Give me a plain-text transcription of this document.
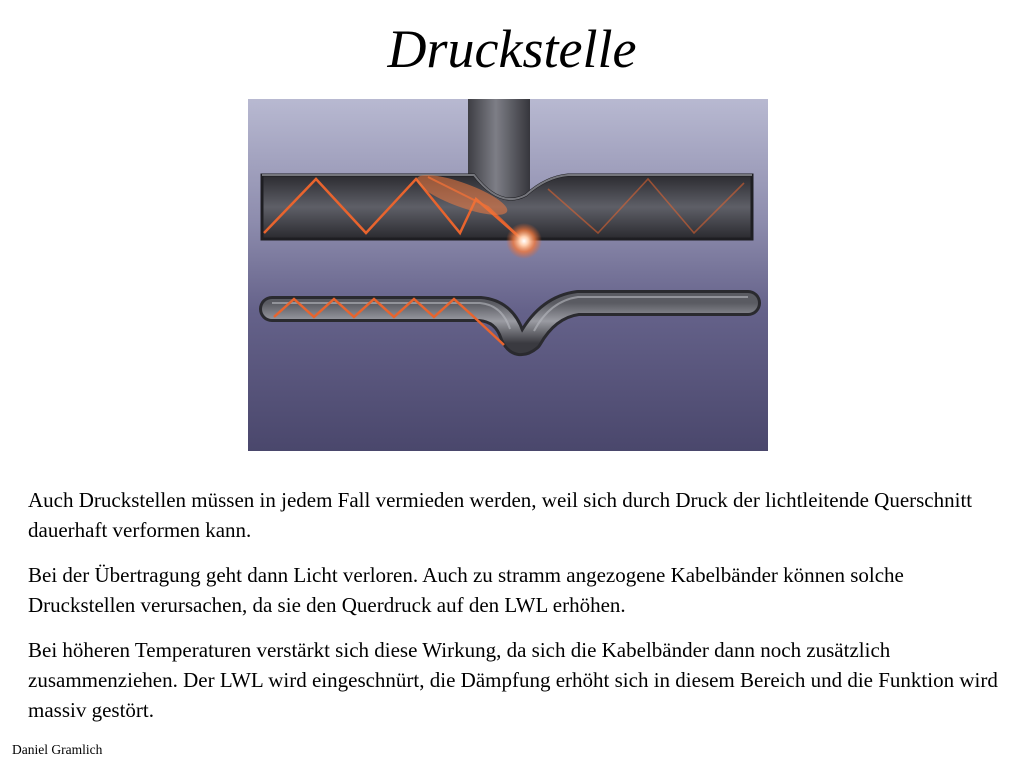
Druckstelle

Auch Druckstellen müssen in jedem Fall vermieden werden, weil sich durch Druck der lichtleitende Querschnitt dauerhaft verformen kann.

Bei der Übertragung geht dann Licht verloren. Auch zu stramm angezogene Kabelbänder können solche Druckstellen verursachen, da sie den Querdruck auf den LWL erhöhen.

Bei höheren Temperaturen verstärkt sich diese Wirkung, da sich die Kabelbänder dann noch zusätzlich zusammenziehen. Der LWL wird eingeschnürt, die Dämpfung erhöht sich in diesem Bereich und die Funktion wird massiv gestört.

Daniel Gramlich
